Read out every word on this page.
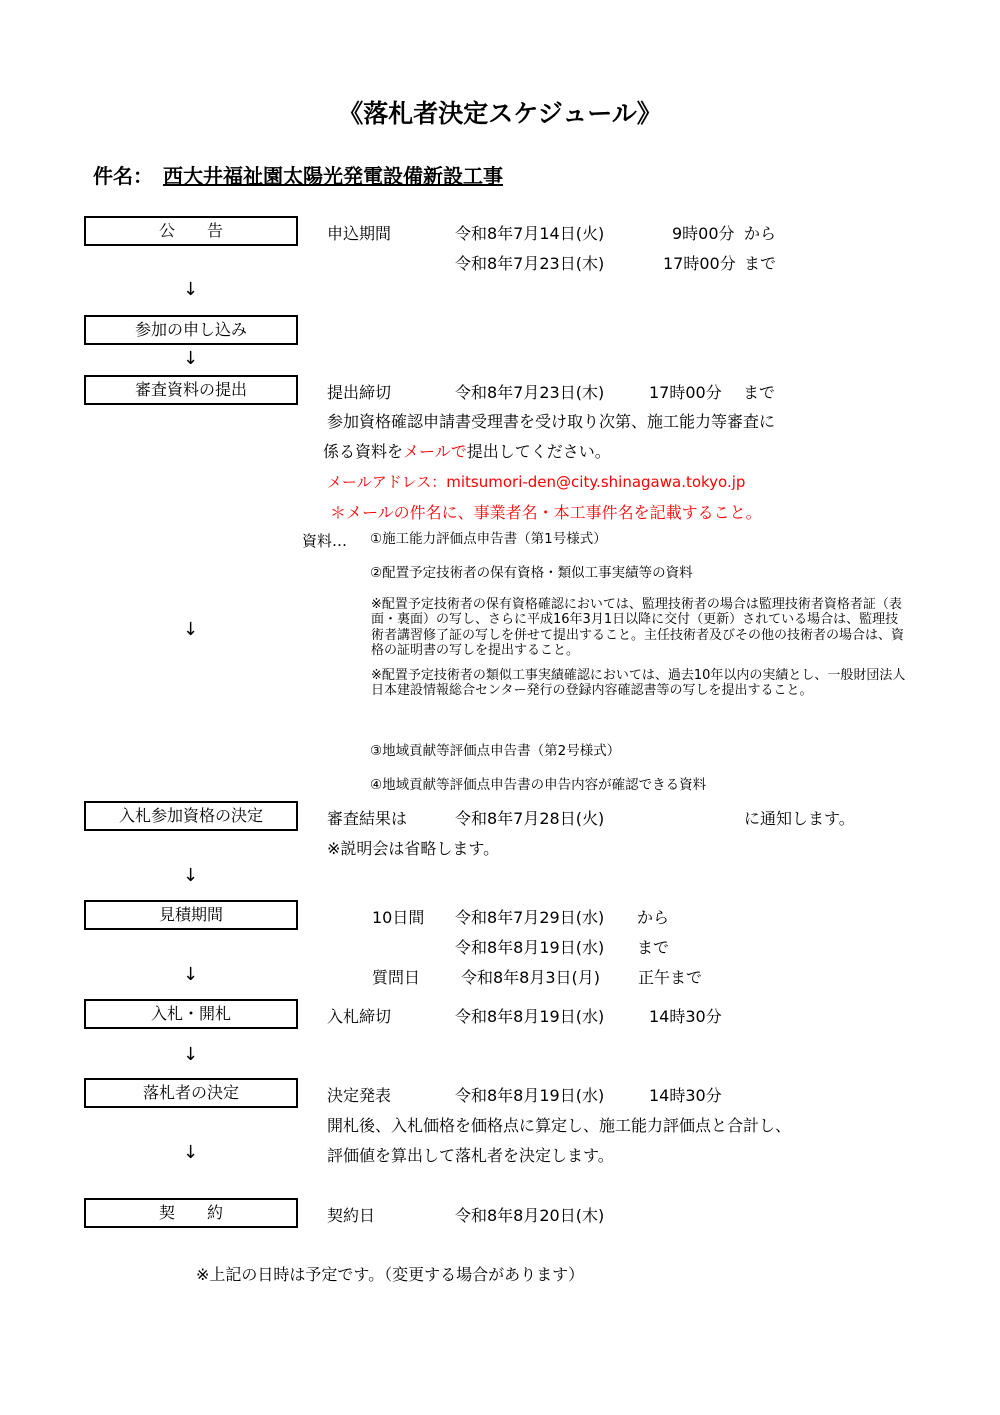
《落札者決定スケジュール》
件名： 西大井福祉園太陽光発電設備新設工事
公　　告	申込期間	令和8年7月14日(火)	9時00分 から
令和8年7月23日(木)	17時00分 まで
↓
参加の申し込み
↓
審査資料の提出	提出締切	令和8年7月23日(木)	17時00分 まで
参加資格確認申請書受理書を受け取り次第、施工能力等審査に
係る資料をメールで提出してください。
メールアドレス：mitsumori-den@city.shinagawa.tokyo.jp
＊メールの件名に、事業者名・本工事件名を記載すること。
資料… ①施工能力評価点申告書（第1号様式）
②配置予定技術者の保有資格・類似工事実績等の資料
※配置予定技術者の保有資格確認においては、監理技術者の場合は監理技術者資格者証（表面・裏面）の写し、さらに平成16年3月1日以降に交付（更新）されている場合は、監理技術者講習修了証の写しを併せて提出すること。主任技術者及びその他の技術者の場合は、資格の証明書の写しを提出すること。
※配置予定技術者の類似工事実績確認においては、過去10年以内の実績とし、一般財団法人日本建設情報総合センター発行の登録内容確認書等の写しを提出すること。
③地域貢献等評価点申告書（第2号様式）
④地域貢献等評価点申告書の申告内容が確認できる資料
↓
入札参加資格の決定	審査結果は	令和8年7月28日(火)	に通知します。
※説明会は省略します。
↓
見積期間	10日間 令和8年7月29日(水) から
令和8年8月19日(水) まで
質問日	令和8年8月3日(月) 正午まで
↓
入札・開札	入札締切	令和8年8月19日(水)	14時30分
↓
落札者の決定	決定発表	令和8年8月19日(水)	14時30分
開札後、入札価格を価格点に算定し、施工能力評価点と合計し、
評価値を算出して落札者を決定します。
↓
契　　約	契約日	令和8年8月20日(木)
※上記の日時は予定です。（変更する場合があります）
